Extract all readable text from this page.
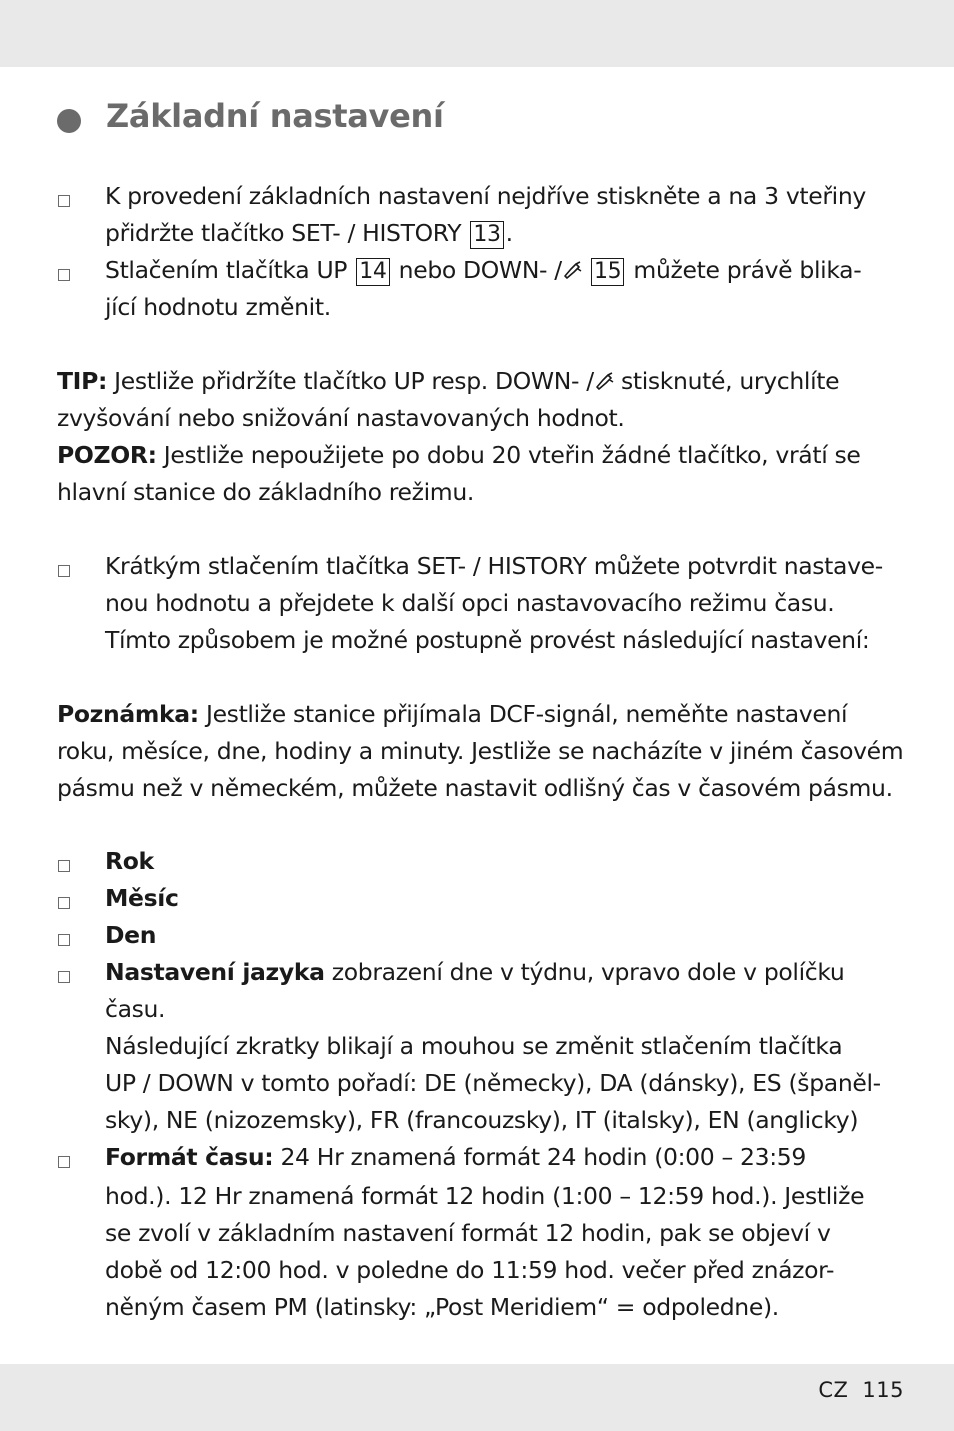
Základní nastavení
K provedení základních nastavení nejdříve stiskněte a na 3 vteřiny
přidržte tlačítko SET- / HISTORY 13 .
Stlačením tlačítka UP 14 nebo DOWN- / 15 můžete právě blika-
jící hodnotu změnit.
TIP: Jestliže přidržíte tlačítko UP resp. DOWN- / stisknuté, urychlíte
zvyšování nebo snižování nastavovaných hodnot.
POZOR: Jestliže nepoužijete po dobu 20 vteřin žádné tlačítko, vrátí se
hlavní stanice do základního režimu.
Krátkým stlačením tlačítka SET- / HISTORY můžete potvrdit nastave-
nou hodnotu a přejdete k další opci nastavovacího režimu času.
Tímto způsobem je možné postupně provést následující nastavení:
Poznámka: Jestliže stanice přijímala DCF-signál, neměňte nastavení
roku, měsíce, dne, hodiny a minuty. Jestliže se nacházíte v jiném časovém
pásmu než v německém, můžete nastavit odlišný čas v časovém pásmu.
Rok
Měsíc
Den
Nastavení jazyka zobrazení dne v týdnu, vpravo dole v políčku
času.
Následující zkratky blikají a mouhou se změnit stlačením tlačítka
UP / DOWN v tomto pořadí: DE (německy), DA (dánsky), ES (španěl-
sky), NE (nizozemsky), FR (francouzsky), IT (italsky), EN (anglicky)
Formát času: 24 Hr znamená formát 24 hodin (0:00 – 23:59
hod.). 12 Hr znamená formát 12 hodin (1:00 – 12:59 hod.). Jestliže
se zvolí v základním nastavení formát 12 hodin, pak se objeví v
době od 12:00 hod. v poledne do 11:59 hod. večer před znázor-
něným časem PM (latinsky: „Post Meridiem“ = odpoledne).
CZ 115
